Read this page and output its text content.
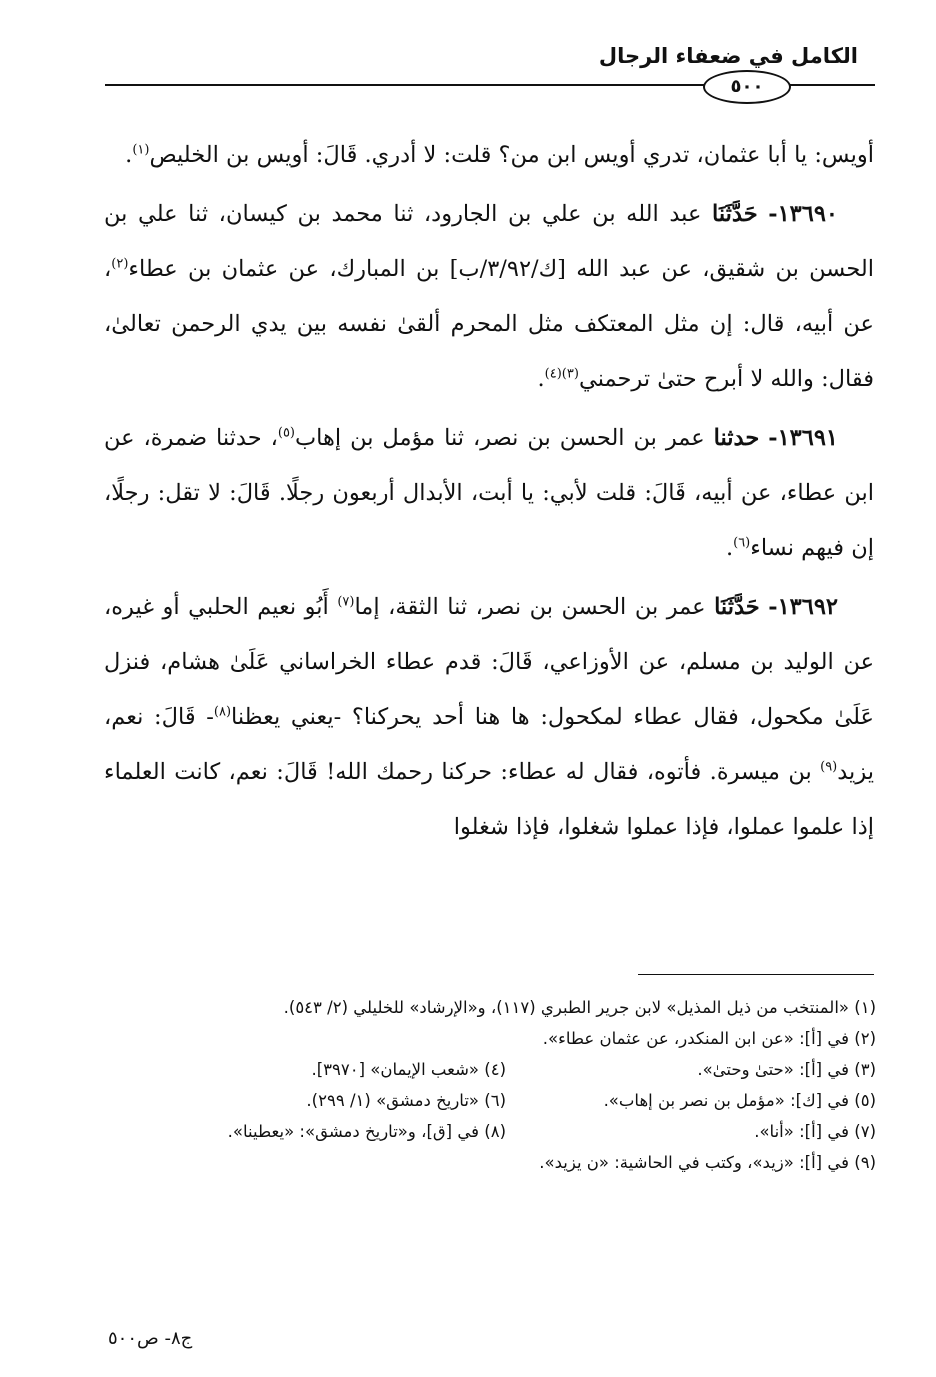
الكامل في ضعفاء الرجال
٥٠٠

أويس: يا أبا عثمان، تدري أويس ابن من؟ قلت: لا أدري. قَالَ: أويس بن الخليص$^{(١)}$.

١٣٦٩٠- حَدَّثَنَا عبد الله بن علي بن الجارود، ثنا محمد بن كيسان، ثنا علي بن الحسن بن شقيق، عن عبد الله [ك/٣/٩٢/ب] بن المبارك، عن عثمان بن عطاء$^{(٢)}$، عن أبيه، قال: إن مثل المعتكف مثل المحرم ألقىٰ نفسه بين يدي الرحمن تعالىٰ، فقال: والله لا أبرح حتىٰ ترحمني$^{(٣)(٤)}$.

١٣٦٩١- حدثنا عمر بن الحسن بن نصر، ثنا مؤمل بن إهاب$^{(٥)}$، حدثنا ضمرة، عن ابن عطاء، عن أبيه، قَالَ: قلت لأبي: يا أبت، الأبدال أربعون رجلًا. قَالَ: لا تقل: رجلًا، إن فيهم نساء$^{(٦)}$.

١٣٦٩٢- حَدَّثَنَا عمر بن الحسن بن نصر، ثنا الثقة، إما$^{(٧)}$ أَبُو نعيم الحلبي أو غيره، عن الوليد بن مسلم، عن الأوزاعي، قَالَ: قدم عطاء الخراساني عَلَىٰ هشام، فنزل عَلَىٰ مكحول، فقال عطاء لمكحول: ها هنا أحد يحركنا؟ -يعني يعظنا$^{(٨)}$- قَالَ: نعم، يزيد$^{(٩)}$ بن ميسرة. فأتوه، فقال له عطاء: حركنا رحمك الله! قَالَ: نعم، كانت العلماء إذا علموا عملوا، فإذا عملوا شغلوا، فإذا شغلوا

(١) «المنتخب من ذيل المذيل» لابن جرير الطبري (١١٧)، و«الإرشاد» للخليلي (٢/ ٥٤٣).
(٢) في [أ]: «عن ابن المنكدر، عن عثمان عطاء».
(٣) في [أ]: «حتىٰ وحتىٰ».
(٤) «شعب الإيمان» [٣٩٧٠].
(٥) في [ك]: «مؤمل بن نصر بن إهاب».
(٦) «تاريخ دمشق» (١/ ٢٩٩).
(٧) في [أ]: «أنا».
(٨) في [ق]، و«تاريخ دمشق»: «يعطينا».
(٩) في [أ]: «زيد»، وكتب في الحاشية: «ن يزيد».
ج٨- ص٥٠٠
